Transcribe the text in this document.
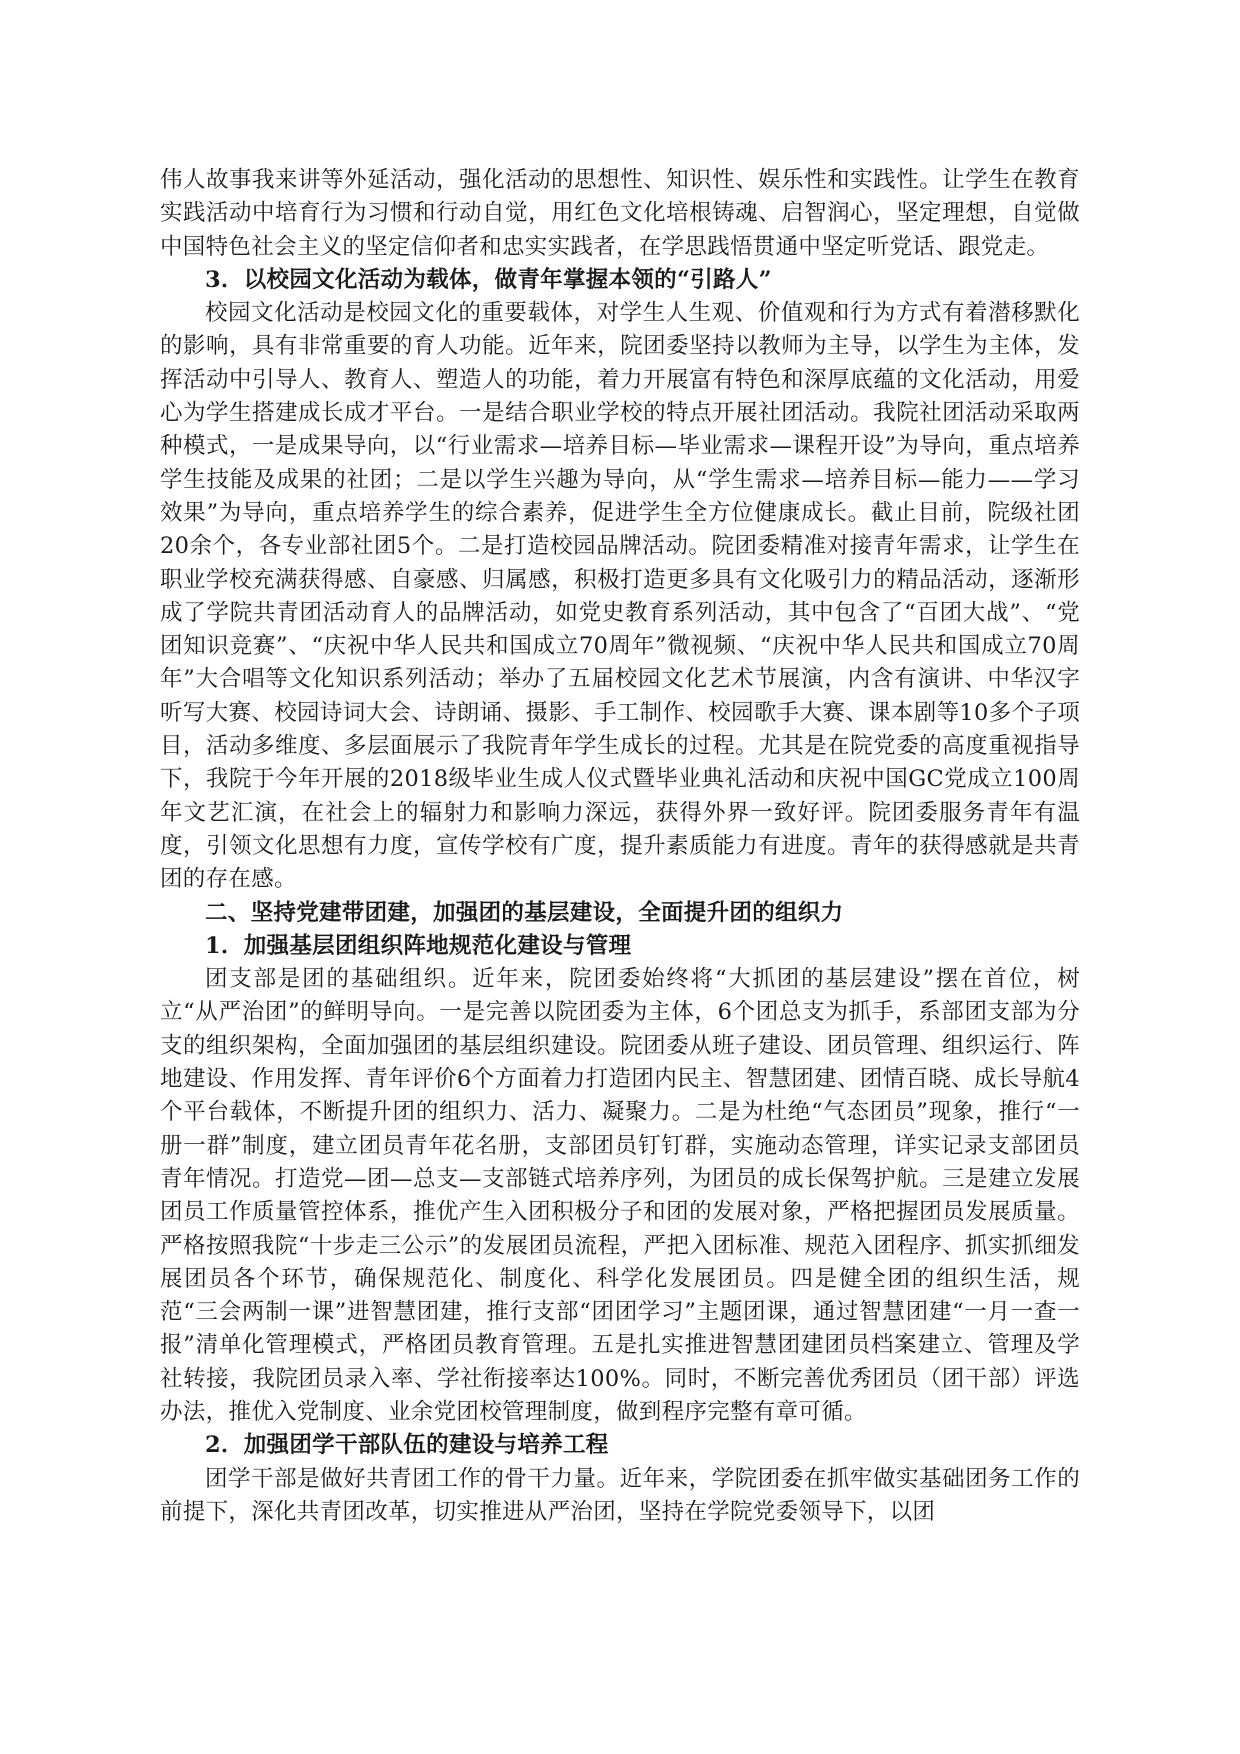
伟人故事我来讲等外延活动，强化活动的思想性、知识性、娱乐性和实践性。让学生在教育实践活动中培育行为习惯和行动自觉，用红色文化培根铸魂、启智润心，坚定理想，自觉做中国特色社会主义的坚定信仰者和忠实实践者，在学思践悟贯通中坚定听党话、跟党走。

3．以校园文化活动为载体，做青年掌握本领的“引路人”

校园文化活动是校园文化的重要载体，对学生人生观、价值观和行为方式有着潜移默化的影响，具有非常重要的育人功能。近年来，院团委坚持以教师为主导，以学生为主体，发挥活动中引导人、教育人、塑造人的功能，着力开展富有特色和深厚底蕴的文化活动，用爱心为学生搭建成长成才平台。一是结合职业学校的特点开展社团活动。我院社团活动采取两种模式，一是成果导向，以“行业需求—培养目标—毕业需求—课程开设”为导向，重点培养学生技能及成果的社团；二是以学生兴趣为导向，从“学生需求—培养目标—能力——学习效果”为导向，重点培养学生的综合素养，促进学生全方位健康成长。截止目前，院级社团20余个，各专业部社团5个。二是打造校园品牌活动。院团委精准对接青年需求，让学生在职业学校充满获得感、自豪感、归属感，积极打造更多具有文化吸引力的精品活动，逐渐形成了学院共青团活动育人的品牌活动，如党史教育系列活动，其中包含了“百团大战”、“党团知识竞赛”、“庆祝中华人民共和国成立70周年”微视频、“庆祝中华人民共和国成立70周年”大合唱等文化知识系列活动；举办了五届校园文化艺术节展演，内含有演讲、中华汉字听写大赛、校园诗词大会、诗朗诵、摄影、手工制作、校园歌手大赛、课本剧等10多个子项目，活动多维度、多层面展示了我院青年学生成长的过程。尤其是在院党委的高度重视指导下，我院于今年开展的2018级毕业生成人仪式暨毕业典礼活动和庆祝中国GC党成立100周年文艺汇演，在社会上的辐射力和影响力深远，获得外界一致好评。院团委服务青年有温度，引领文化思想有力度，宣传学校有广度，提升素质能力有进度。青年的获得感就是共青团的存在感。

二、坚持党建带团建，加强团的基层建设，全面提升团的组织力

1．加强基层团组织阵地规范化建设与管理

团支部是团的基础组织。近年来，院团委始终将“大抓团的基层建设”摆在首位，树立“从严治团”的鲜明导向。一是完善以院团委为主体，6个团总支为抓手，系部团支部为分支的组织架构，全面加强团的基层组织建设。院团委从班子建设、团员管理、组织运行、阵地建设、作用发挥、青年评价6个方面着力打造团内民主、智慧团建、团情百晓、成长导航4个平台载体，不断提升团的组织力、活力、凝聚力。二是为杜绝“气态团员”现象，推行“一册一群”制度，建立团员青年花名册，支部团员钉钉群，实施动态管理，详实记录支部团员青年情况。打造党—团—总支—支部链式培养序列，为团员的成长保驾护航。三是建立发展团员工作质量管控体系，推优产生入团积极分子和团的发展对象，严格把握团员发展质量。严格按照我院“十步走三公示”的发展团员流程，严把入团标准、规范入团程序、抓实抓细发展团员各个环节，确保规范化、制度化、科学化发展团员。四是健全团的组织生活，规范“三会两制一课”进智慧团建，推行支部“团团学习”主题团课，通过智慧团建“一月一查一报”清单化管理模式，严格团员教育管理。五是扎实推进智慧团建团员档案建立、管理及学社转接，我院团员录入率、学社衔接率达100%。同时，不断完善优秀团员（团干部）评选办法，推优入党制度、业余党团校管理制度，做到程序完整有章可循。

2．加强团学干部队伍的建设与培养工程

团学干部是做好共青团工作的骨干力量。近年来，学院团委在抓牢做实基础团务工作的前提下，深化共青团改革，切实推进从严治团，坚持在学院党委领导下，以团
